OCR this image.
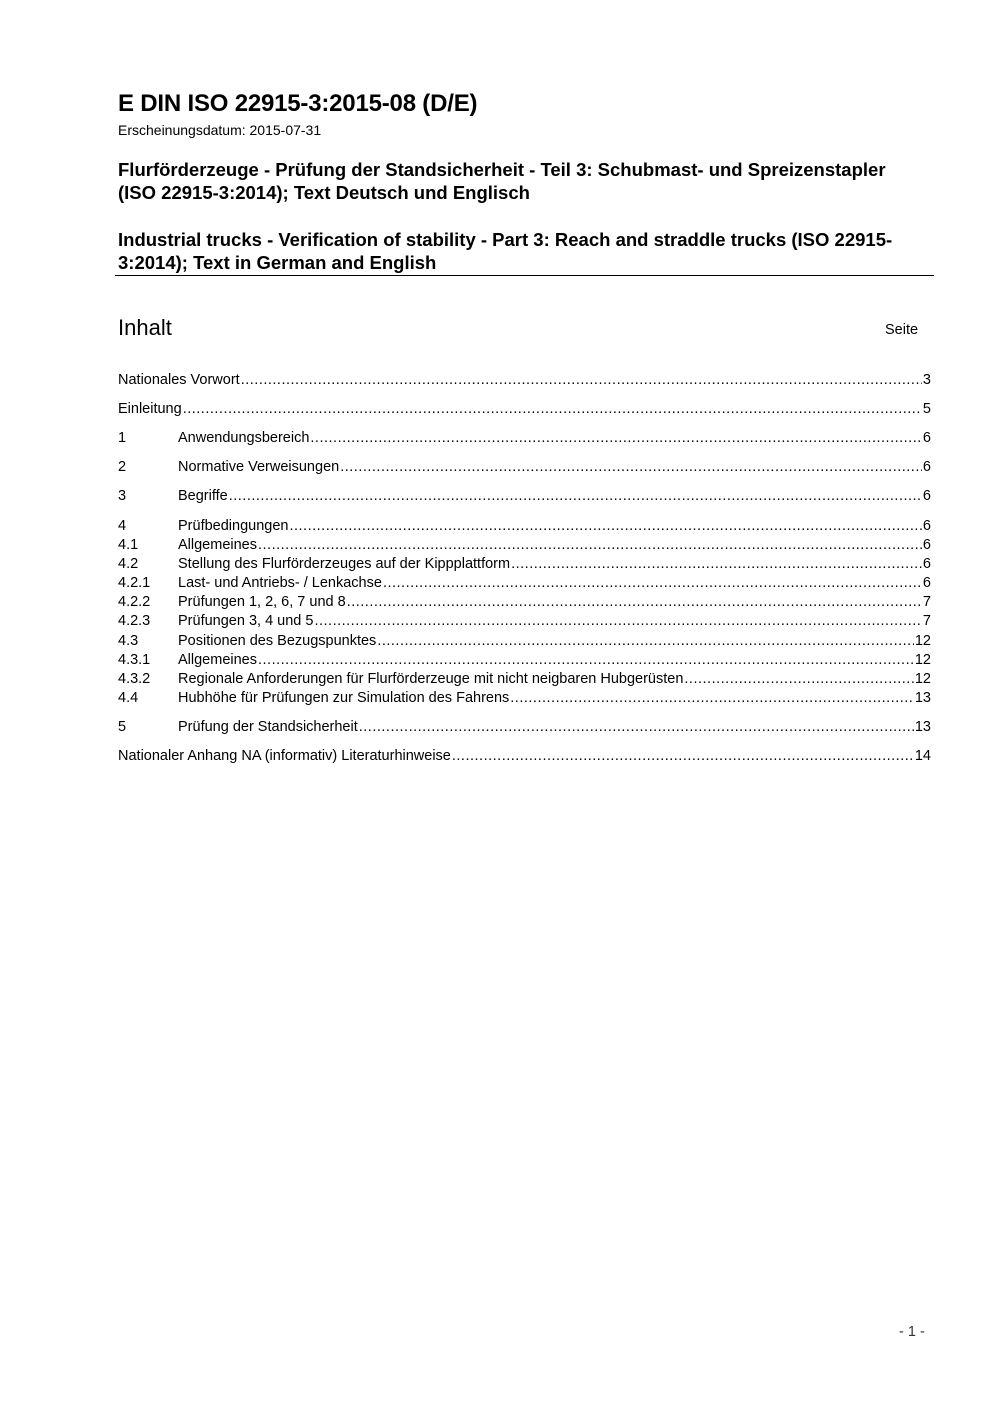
E DIN ISO 22915-3:2015-08 (D/E)
Erscheinungsdatum: 2015-07-31
Flurförderzeuge - Prüfung der Standsicherheit - Teil 3: Schubmast- und Spreizenstapler (ISO 22915-3:2014); Text Deutsch und Englisch
Industrial trucks - Verification of stability - Part 3: Reach and straddle trucks (ISO 22915-3:2014); Text in German and English
Inhalt	Seite
Nationales Vorwort .....	3
Einleitung .....	5
1	Anwendungsbereich .....	6
2	Normative Verweisungen .....	6
3	Begriffe .....	6
4	Prüfbedingungen .....	6
4.1	Allgemeines .....	6
4.2	Stellung des Flurförderzeuges auf der Kippplattform .....	6
4.2.1	Last- und Antriebs- / Lenkachse .....	6
4.2.2	Prüfungen 1, 2, 6, 7 und 8 .....	7
4.2.3	Prüfungen 3, 4 und 5 .....	7
4.3	Positionen des Bezugspunktes .....	12
4.3.1	Allgemeines .....	12
4.3.2	Regionale Anforderungen für Flurförderzeuge mit nicht neigbaren Hubgerüsten .....	12
4.4	Hubhöhe für Prüfungen zur Simulation des Fahrens .....	13
5	Prüfung der Standsicherheit .....	13
Nationaler Anhang NA (informativ) Literaturhinweise .....	14
- 1 -
